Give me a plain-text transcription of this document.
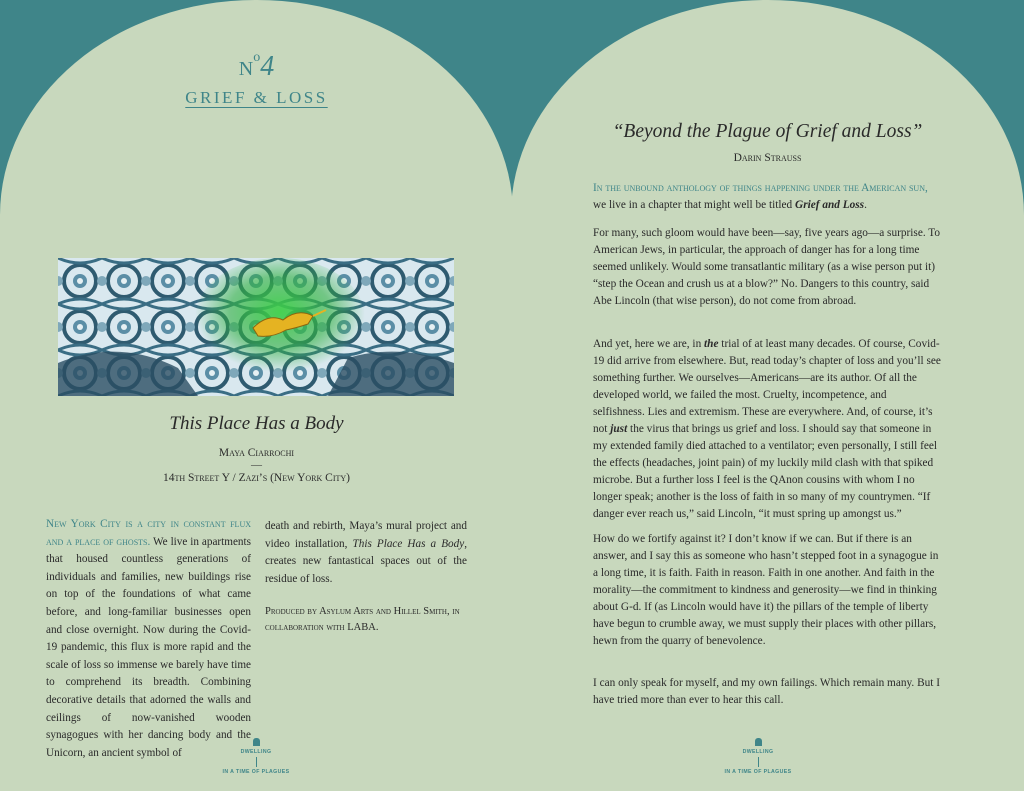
$N^o4$
GRIEF & LOSS
This Place Has a Body
Maya Ciarrochi
—
14th Street Y / Zazi’s (New York City)
New York City is a city in constant flux and a place of ghosts. We live in apartments that housed countless generations of individuals and families, new buildings rise on top of the foundations of what came before, and long-familiar businesses open and close overnight. Now during the Covid-19 pandemic, this flux is more rapid and the scale of loss so immense we barely have time to comprehend its breadth. Combining decorative details that adorned the walls and ceilings of now-vanished wooden synagogues with her dancing body and the Unicorn, an ancient symbol of
death and rebirth, Maya’s mural project and video installation, This Place Has a Body, creates new fantastical spaces out of the residue of loss.
Produced by Asylum Arts and Hillel Smith, in collaboration with LABA.
DWELLING
IN A TIME OF PLAGUES
“Beyond the Plague of Grief and Loss”
Darin Strauss

In the unbound anthology of things happening under the American sun, we live in a chapter that might well be titled Grief and Loss.

For many, such gloom would have been—say, five years ago—a surprise. To American Jews, in particular, the approach of danger has for a long time seemed unlikely. Would some transatlantic military (as a wise person put it) “step the Ocean and crush us at a blow?” No. Dangers to this country, said Abe Lincoln (that wise person), do not come from abroad.

And yet, here we are, in the trial of at least many decades. Of course, Covid-19 did arrive from elsewhere. But, read today’s chapter of loss and you’ll see something further. We ourselves—Americans—are its author. Of all the developed world, we failed the most. Cruelty, incompetence, and selfishness. Lies and extremism. These are everywhere. And, of course, it’s not just the virus that brings us grief and loss. I should say that someone in my extended family died attached to a ventilator; even personally, I still feel the effects (headaches, joint pain) of my luckily mild clash with that spiked microbe. But a further loss I feel is the QAnon cousins with whom I no longer speak; another is the loss of faith in so many of my countrymen. “If danger ever reach us,” said Lincoln, “it must spring up amongst us.”

How do we fortify against it? I don’t know if we can. But if there is an answer, and I say this as someone who hasn’t stepped foot in a synagogue in a long time, it is faith. Faith in reason. Faith in one another. And faith in the morality—the commitment to kindness and generosity—we find in thinking about G-d. If (as Lincoln would have it) the pillars of the temple of liberty have begun to crumble away, we must supply their places with other pillars, hewn from the quarry of benevolence.

I can only speak for myself, and my own failings. Which remain many. But I have tried more than ever to hear this call.

DWELLING
IN A TIME OF PLAGUES
